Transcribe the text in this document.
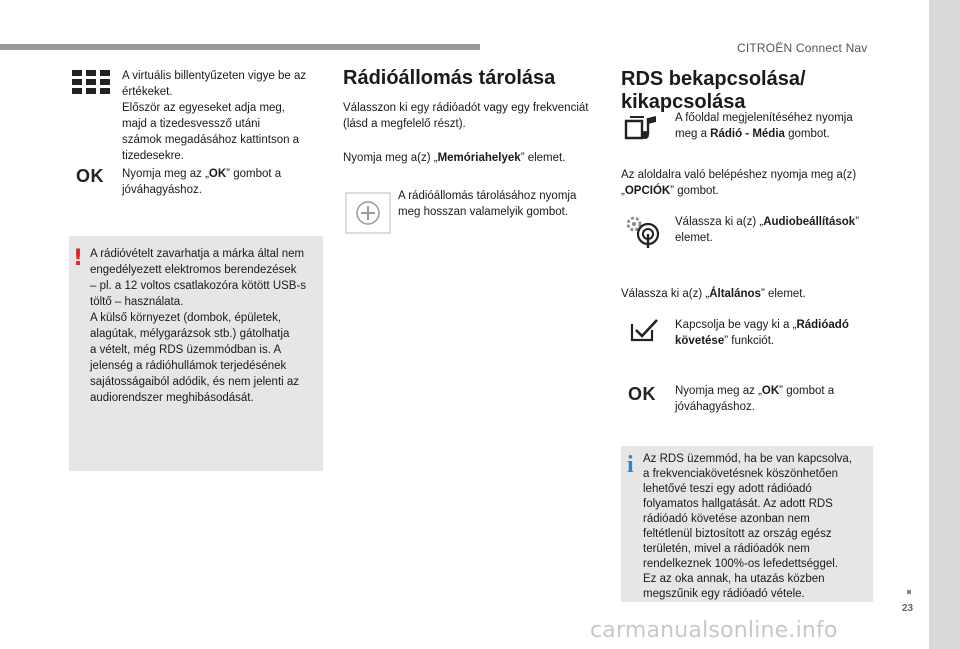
CITROËN Connect Nav
A virtuális billentyűzeten vigye be az
értékeket.
Először az egyeseket adja meg,
majd a tizedesvessző utáni
számok megadásához kattintson a
tizedesekre.
OK Nyomja meg az „OK” gombot a
jóváhagyáshoz.
! A rádióvételt zavarhatja a márka által nem
engedélyezett elektromos berendezések
– pl. a 12 voltos csatlakozóra kötött USB-s
töltő – használata.
A külső környezet (dombok, épületek,
alagútak, mélygarázsok stb.) gátolhatja
a vételt, még RDS üzemmódban is. A
jelenség a rádióhullámok terjedésének
sajátosságaiból adódik, és nem jelenti az
audiorendszer meghibásodását.
Rádióállomás tárolása
Válasszon ki egy rádióadót vagy egy frekvenciát
(lásd a megfelelő részt).
Nyomja meg a(z) „Memóriahelyek” elemet.
A rádióállomás tárolásához nyomja
meg hosszan valamelyik gombot.
RDS bekapcsolása/
kikapcsolása
A főoldal megjelenítéséhez nyomja
meg a Rádió - Média gombot.
Az aloldalra való belépéshez nyomja meg a(z)
„OPCIÓK” gombot.
Válassza ki a(z) „Audiobeállítások”
elemet.
Válassza ki a(z) „Általános” elemet.
Kapcsolja be vagy ki a „Rádióadó
követése” funkciót.
OK Nyomja meg az „OK” gombot a
jóváhagyáshoz.
i Az RDS üzemmód, ha be van kapcsolva,
a frekvenciakövetésnek köszönhetően
lehetővé teszi egy adott rádióadó
folyamatos hallgatását. Az adott RDS
rádióadó követése azonban nem
feltétlenül biztosított az ország egész
területén, mivel a rádióadók nem
rendelkeznek 100%-os lefedettséggel.
Ez az oka annak, ha utazás közben
megszűnik egy rádióadó vétele.
23
carmanualsonline.info
